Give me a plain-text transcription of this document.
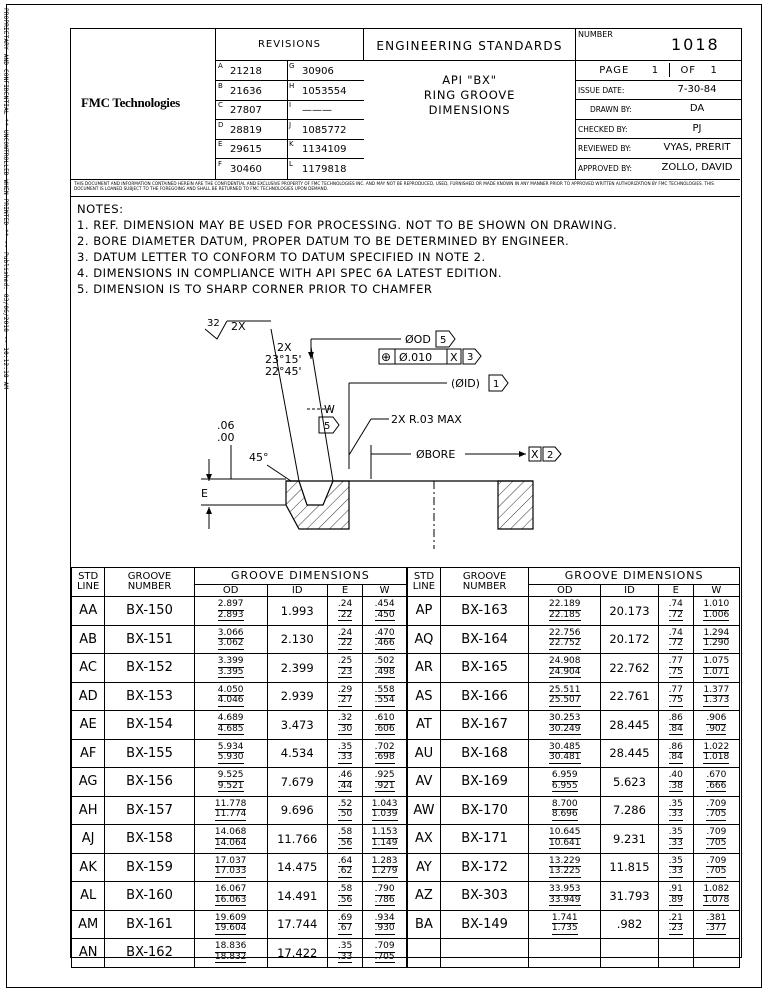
PROPRIETARY AND CONFIDENTIAL ** UNCONTROLLED WHEN PRINTED ** -- Published: 03/06/2018 -- 10:12:18 AM	FMC Technologies
REVISIONS
A 21218	G 30906
B 21636	H 1053554
C 27807	I ———
D 28819	J 1085772
E 29615	K 1134109
F 30460	L 1179818
ENGINEERING STANDARDS
API "BX"
RING GROOVE
DIMENSIONS
NUMBER
1018
PAGE 1 OF 1
ISSUE DATE:	7-30-84
DRAWN BY:	DA
CHECKED BY:	PJ
REVIEWED BY:	VYAS, PRERIT
APPROVED BY:	ZOLLO, DAVID
THIS DOCUMENT AND INFORMATION CONTAINED HEREIN ARE THE CONFIDENTIAL AND EXCLUSIVE PROPERTY OF FMC TECHNOLOGIES INC. AND MAY NOT BE REPRODUCED, USED, FURNISHED OR MADE KNOWN IN ANY MANNER PRIOR TO APPROVED WRITTEN AUTHORIZATION BY FMC TECHNOLOGIES. THIS DOCUMENT IS LOANED SUBJECT TO THE FOREGOING AND SHALL BE RETURNED TO FMC TECHNOLOGIES UPON DEMAND.
NOTES:
1. REF. DIMENSION MAY BE USED FOR PROCESSING. NOT TO BE SHOWN ON DRAWING.
2. BORE DIAMETER DATUM, PROPER DATUM TO BE DETERMINED BY ENGINEER.
3. DATUM LETTER TO CONFORM TO DATUM SPECIFIED IN NOTE 2.
4. DIMENSIONS IN COMPLIANCE WITH API SPEC 6A LATEST EDITION.
5. DIMENSION IS TO SHARP CORNER PRIOR TO CHAMFER
32 2X
2X
23°15'
22°45'
ØOD 5
⊕ Ø.010 X 3
(ØID) 1
W
5
2X R.03 MAX
.06
.00
45°	ØBORE	X 2
E
STD
LINE	GROOVE
NUMBER	GROOVE DIMENSIONS			
		OD	ID	E	W
AA	BX-150	$\frac{2.897}{2.893}$	1.993	$\frac{.24}{.22}$	$\frac{.454}{.450}$

AB	BX-151	$\frac{3.066}{3.062}$	2.130	$\frac{.24}{.22}$	$\frac{.470}{.466}$

AC	BX-152	$\frac{3.399}{3.395}$	2.399	$\frac{.25}{.23}$	$\frac{.502}{.498}$

AD	BX-153	$\frac{4.050}{4.046}$	2.939	$\frac{.29}{.27}$	$\frac{.558}{.554}$

AE	BX-154	$\frac{4.689}{4.685}$	3.473	$\frac{.32}{.30}$	$\frac{.610}{.606}$

AF	BX-155	$\frac{5.934}{5.930}$	4.534	$\frac{.35}{.33}$	$\frac{.702}{.698}$

AG	BX-156	$\frac{9.525}{9.521}$	7.679	$\frac{.46}{.44}$	$\frac{.925}{.921}$

AH	BX-157	$\frac{11.778}{11.774}$	9.696	$\frac{.52}{.50}$	$\frac{1.043}{1.039}$

AJ	BX-158	$\frac{14.068}{14.064}$	11.766	$\frac{.58}{.56}$	$\frac{1.153}{1.149}$

AK	BX-159	$\frac{17.037}{17.033}$	14.475	$\frac{.64}{.62}$	$\frac{1.283}{1.279}$

AL	BX-160	$\frac{16.067}{16.063}$	14.491	$\frac{.58}{.56}$	$\frac{.790}{.786}$

AM	BX-161	$\frac{19.609}{19.604}$	17.744	$\frac{.69}{.67}$	$\frac{.934}{.930}$

AN	BX-162	$\frac{18.836}{18.832}$	17.422	$\frac{.35}{.33}$	$\frac{.709}{.705}$
STD
LINE	GROOVE
NUMBER	GROOVE DIMENSIONS			
		OD	ID	E	W
AP	BX-163	$\frac{22.189}{22.185}$	20.173	$\frac{.74}{.72}$	$\frac{1.010}{1.006}$

AQ	BX-164	$\frac{22.756}{22.752}$	20.172	$\frac{.74}{.72}$	$\frac{1.294}{1.290}$

AR	BX-165	$\frac{24.908}{24.904}$	22.762	$\frac{.77}{.75}$	$\frac{1.075}{1.071}$

AS	BX-166	$\frac{25.511}{25.507}$	22.761	$\frac{.77}{.75}$	$\frac{1.377}{1.373}$

AT	BX-167	$\frac{30.253}{30.249}$	28.445	$\frac{.86}{.84}$	$\frac{.906}{.902}$

AU	BX-168	$\frac{30.485}{30.481}$	28.445	$\frac{.86}{.84}$	$\frac{1.022}{1.018}$

AV	BX-169	$\frac{6.959}{6.955}$	5.623	$\frac{.40}{.38}$	$\frac{.670}{.666}$

AW	BX-170	$\frac{8.700}{8.696}$	7.286	$\frac{.35}{.33}$	$\frac{.709}{.705}$

AX	BX-171	$\frac{10.645}{10.641}$	9.231	$\frac{.35}{.33}$	$\frac{.709}{.705}$

AY	BX-172	$\frac{13.229}{13.225}$	11.815	$\frac{.35}{.33}$	$\frac{.709}{.705}$

AZ	BX-303	$\frac{33.953}{33.949}$	31.793	$\frac{.91}{.89}$	$\frac{1.082}{1.078}$

BA	BX-149	$\frac{1.741}{1.735}$	.982	$\frac{.21}{.23}$	$\frac{.381}{.377}$
